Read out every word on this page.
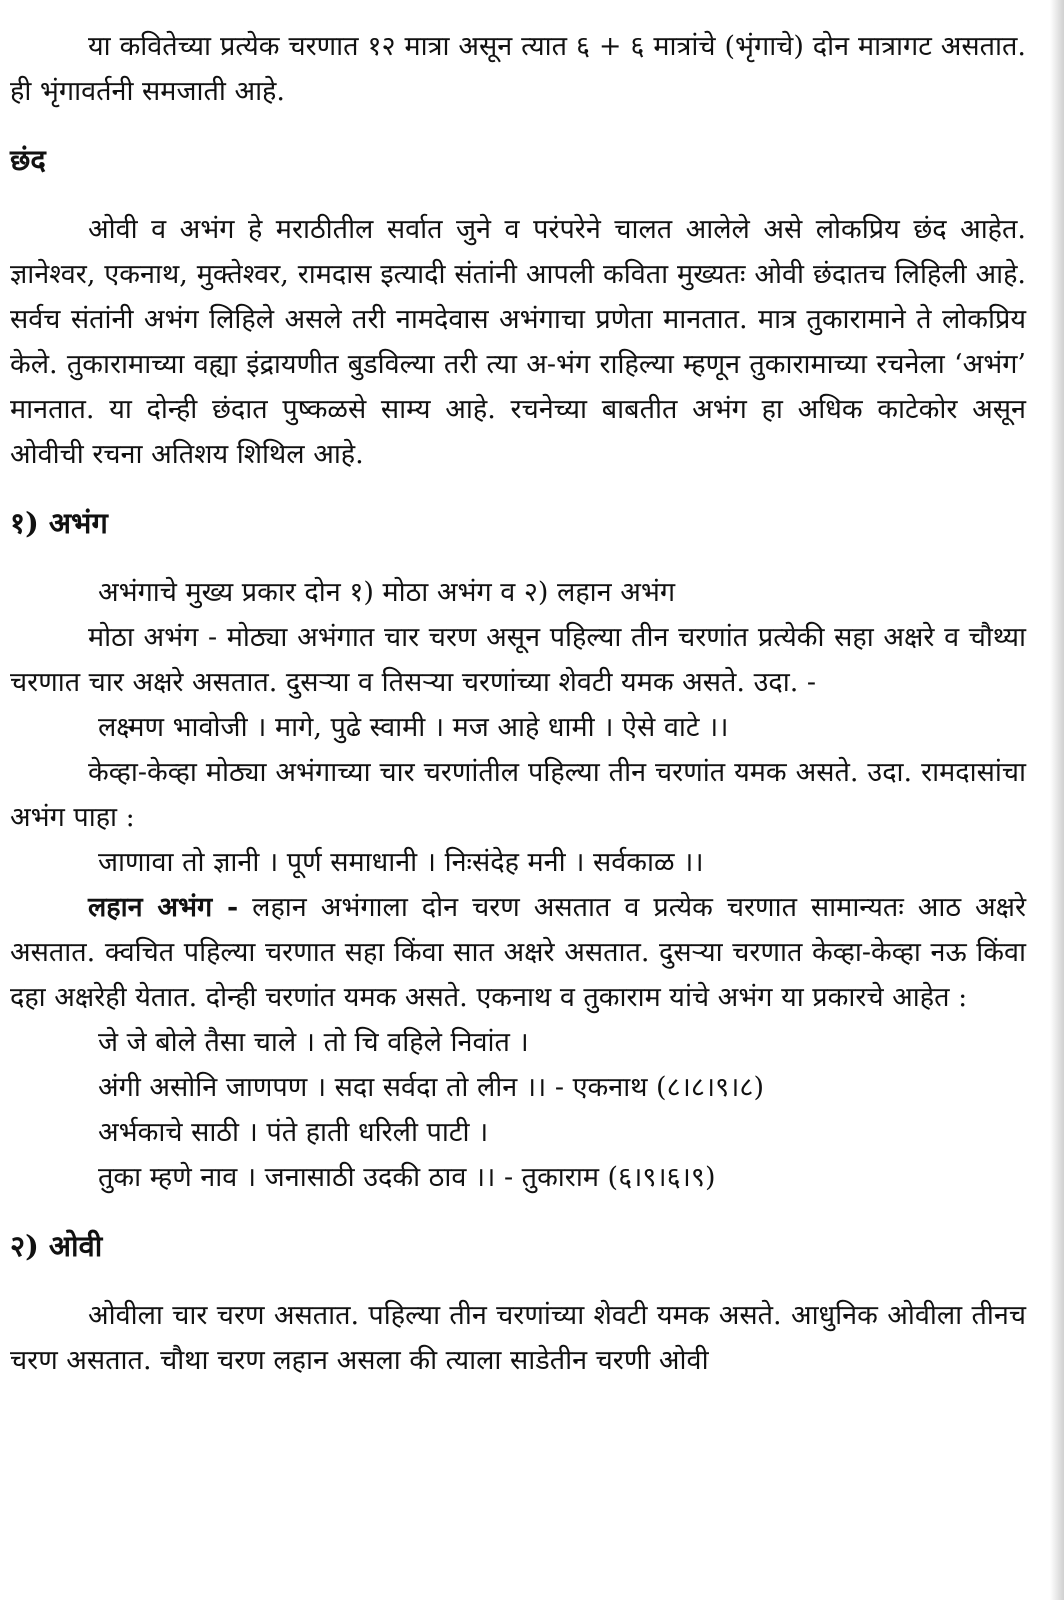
या कवितेच्या प्रत्येक चरणात १२ मात्रा असून त्यात ६ + ६ मात्रांचे (भृंगाचे) दोन मात्रागट असतात. ही भृंगावर्तनी समजाती आहे.

छंद

ओवी व अभंग हे मराठीतील सर्वात जुने व परंपरेने चालत आलेले असे लोकप्रिय छंद आहेत. ज्ञानेश्वर, एकनाथ, मुक्तेश्वर, रामदास इत्यादी संतांनी आपली कविता मुख्यतः ओवी छंदातच लिहिली आहे. सर्वच संतांनी अभंग लिहिले असले तरी नामदेवास अभंगाचा प्रणेता मानतात. मात्र तुकारामाने ते लोकप्रिय केले. तुकारामाच्या वह्या इंद्रायणीत बुडविल्या तरी त्या अ-भंग राहिल्या म्हणून तुकारामाच्या रचनेला ‘अभंग’ मानतात. या दोन्ही छंदात पुष्कळसे साम्य आहे. रचनेच्या बाबतीत अभंग हा अधिक काटेकोर असून ओवीची रचना अतिशय शिथिल आहे.

१) अभंग
अभंगाचे मुख्य प्रकार दोन १) मोठा अभंग व २) लहान अभंग

मोठा अभंग - मोठ्या अभंगात चार चरण असून पहिल्या तीन चरणांत प्रत्येकी सहा अक्षरे व चौथ्या चरणात चार अक्षरे असतात. दुसऱ्या व तिसऱ्या चरणांच्या शेवटी यमक असते. उदा. -

लक्ष्मण भावोजी । मागे, पुढे स्वामी । मज आहे धामी । ऐसे वाटे ।।

केव्हा-केव्हा मोठ्या अभंगाच्या चार चरणांतील पहिल्या तीन चरणांत यमक असते. उदा. रामदासांचा अभंग पाहा :

जाणावा तो ज्ञानी । पूर्ण समाधानी । निःसंदेह मनी । सर्वकाळ ।।

लहान अभंग - लहान अभंगाला दोन चरण असतात व प्रत्येक चरणात सामान्यतः आठ अक्षरे असतात. क्वचित पहिल्या चरणात सहा किंवा सात अक्षरे असतात. दुसऱ्या चरणात केव्हा-केव्हा नऊ किंवा दहा अक्षरेही येतात. दोन्ही चरणांत यमक असते. एकनाथ व तुकाराम यांचे अभंग या प्रकारचे आहेत :

जे जे बोले तैसा चाले । तो चि वहिले निवांत ।
अंगी असोनि जाणपण । सदा सर्वदा तो लीन ।। - एकनाथ (८।८।९।८)
अर्भकाचे साठी । पंते हाती धरिली पाटी ।
तुका म्हणे नाव । जनासाठी उदकी ठाव ।। - तुकाराम (६।९।६।९)
२) ओवी

ओवीला चार चरण असतात. पहिल्या तीन चरणांच्या शेवटी यमक असते. आधुनिक ओवीला तीनच चरण असतात. चौथा चरण लहान असला की त्याला साडेतीन चरणी ओवी
